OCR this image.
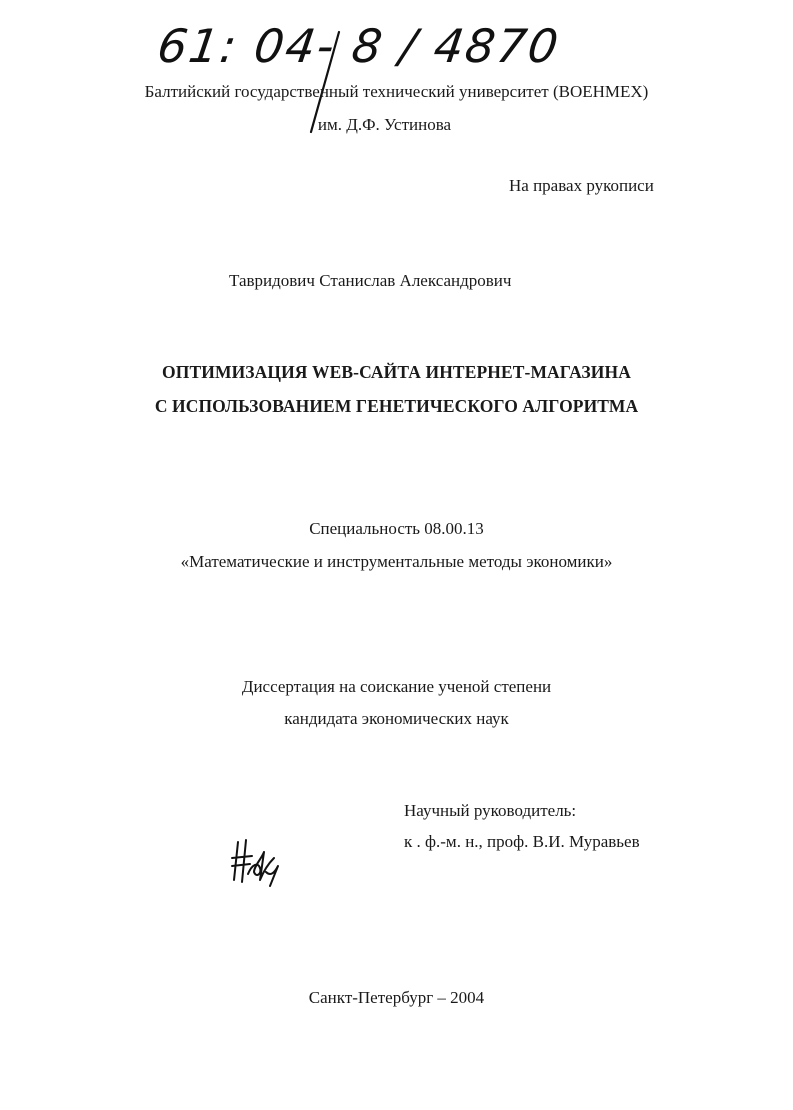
61: 04- 8 / 4870
Балтийский государственный технический университет (ВОЕНМЕХ)
им. Д.Ф. Устинова
На правах рукописи
Тавридович Станислав Александрович
ОПТИМИЗАЦИЯ WEB-САЙТА ИНТЕРНЕТ-МАГАЗИНА
С ИСПОЛЬЗОВАНИЕМ ГЕНЕТИЧЕСКОГО АЛГОРИТМА
Специальность 08.00.13
«Математические и инструментальные методы экономики»
Диссертация на соискание ученой степени
кандидата экономических наук
Научный руководитель:
к . ф.-м. н., проф. В.И. Муравьев
Санкт-Петербург – 2004
